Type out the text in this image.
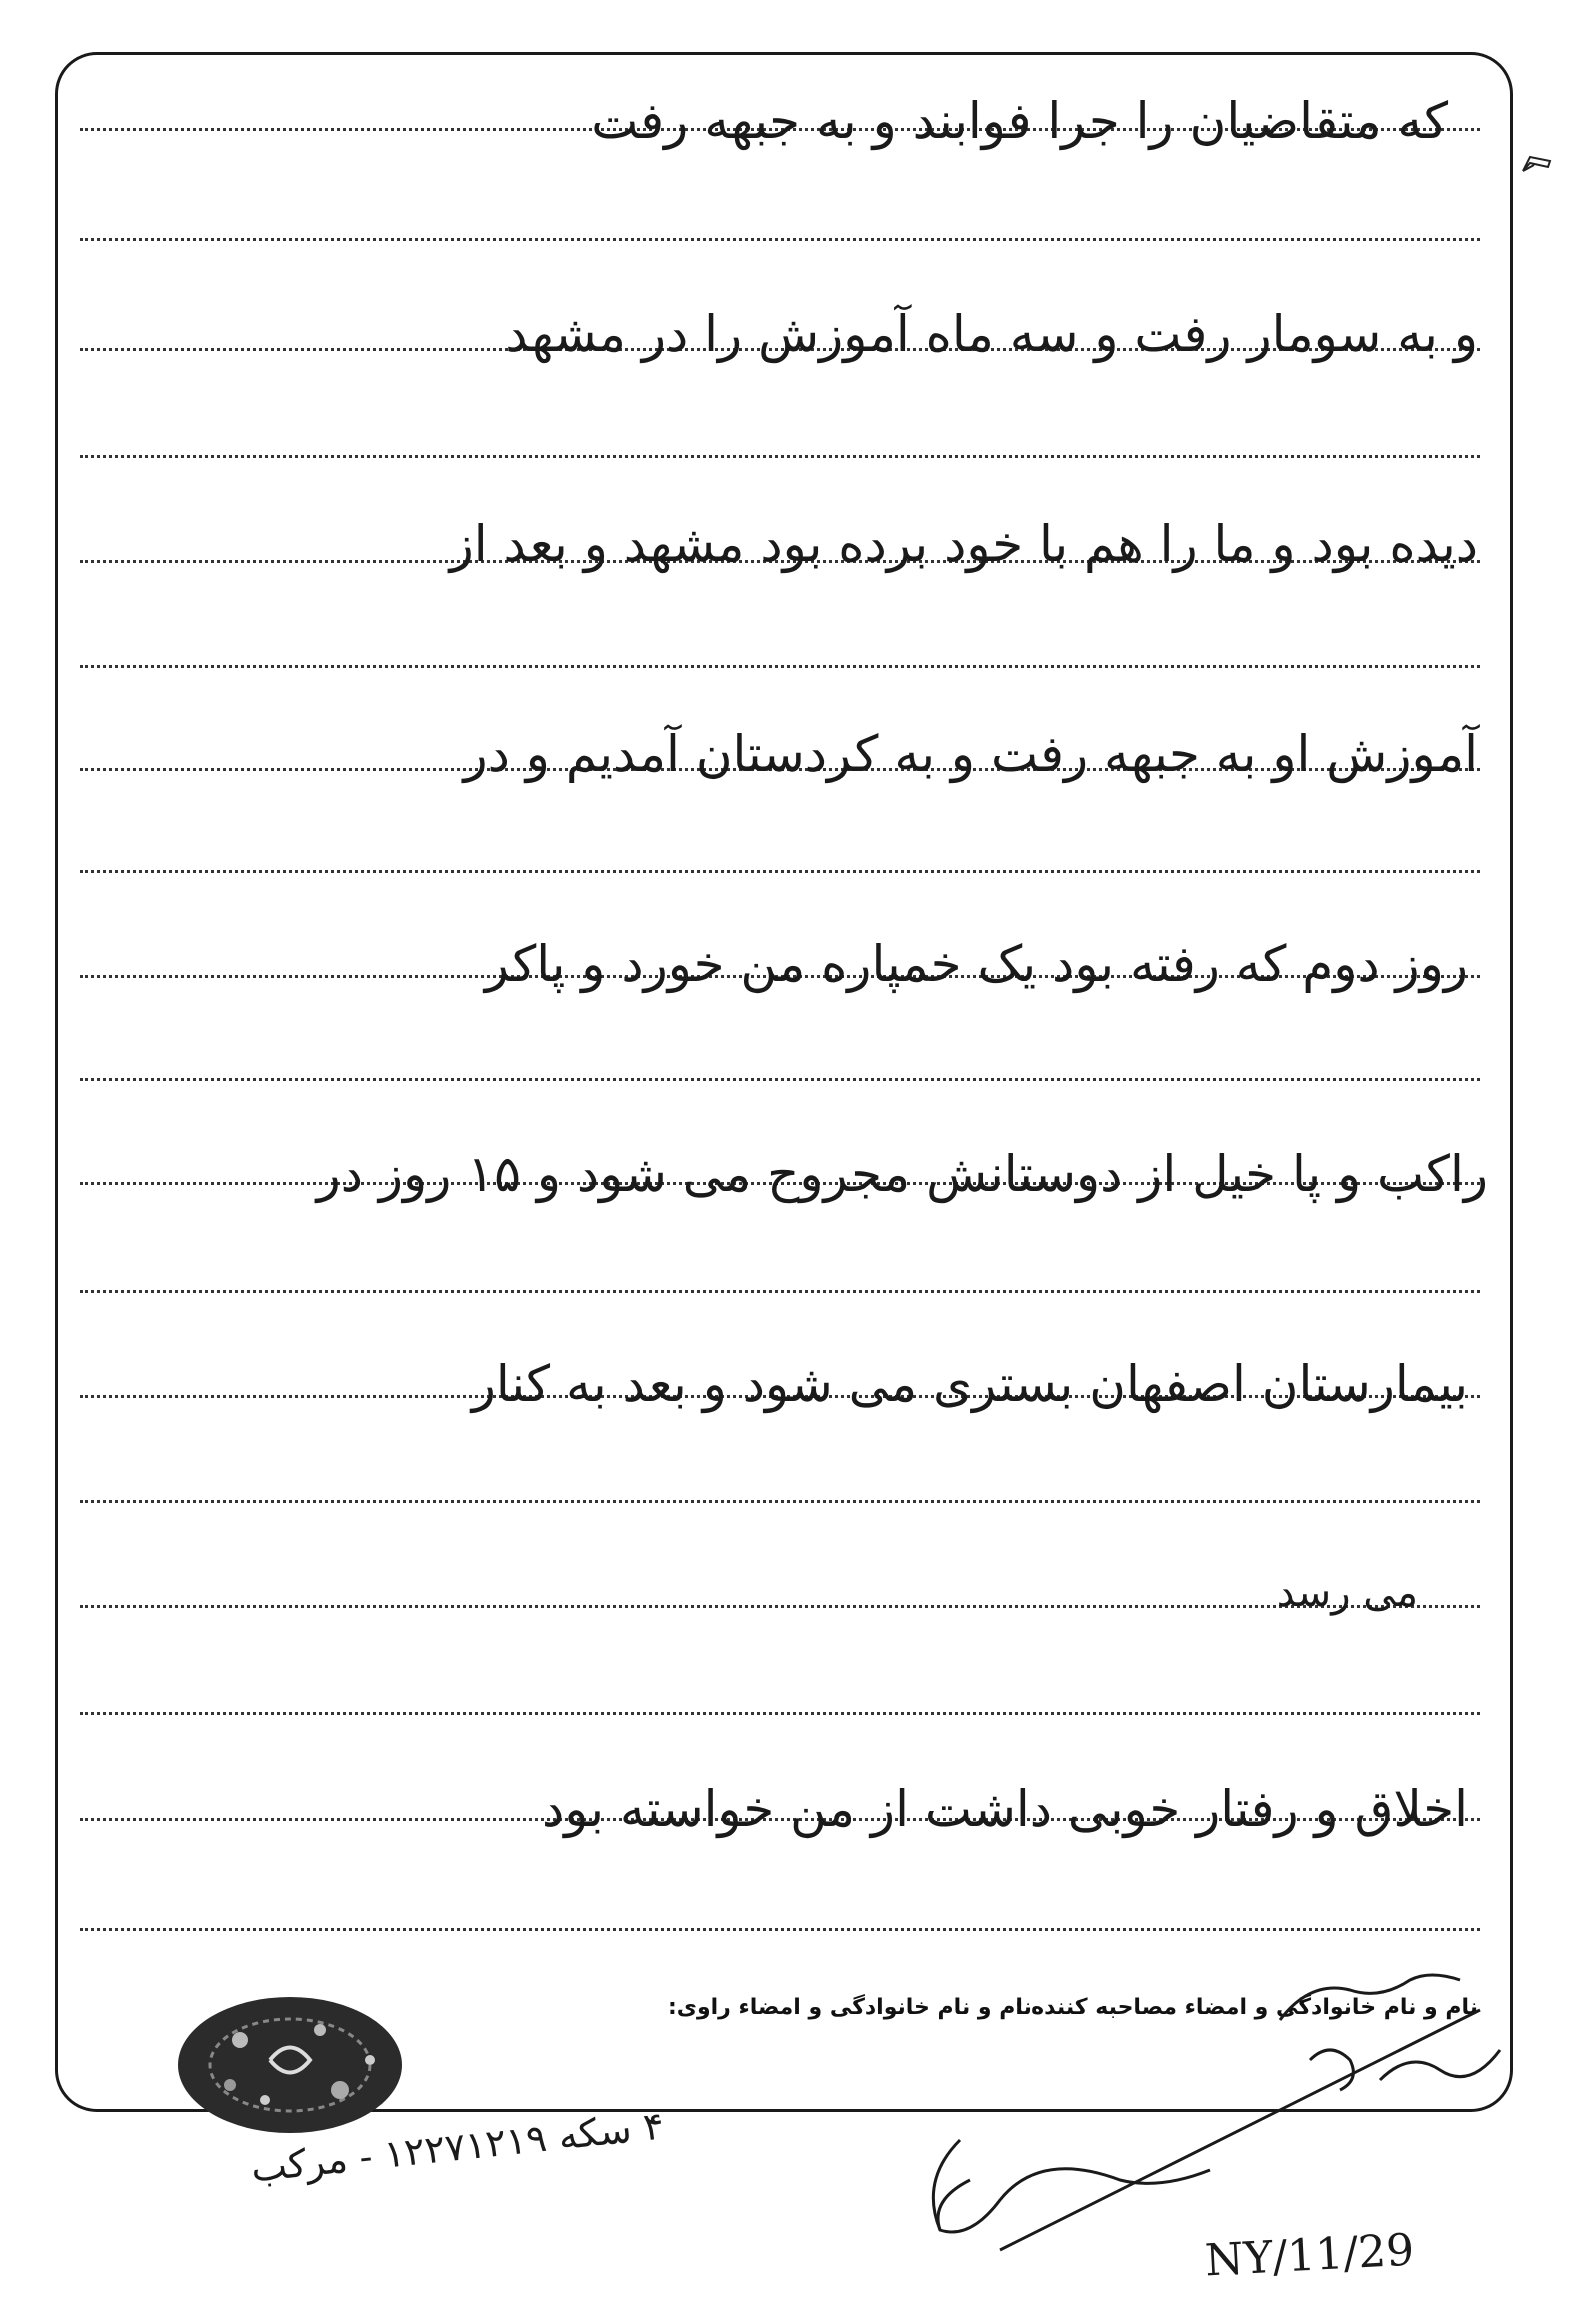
که متقاضیان را جرا فوابند و به جبهه رفت
و به سومار رفت و سه ماه آموزش را در مشهد
دیده بود و ما را هم با خود برده بود مشهد و بعد از
آموزش او به جبهه رفت و به کردستان آمدیم و در
روز دوم که رفته بود یک خمپاره من خورد و پاکر
راکب و پا خیل از دوستانش مجروح می شود و ۱۵ روز در
بیمارستان اصفهان بستری می شود و بعد به کنار
می رسد
اخلاق و رفتار خوبی داشت از من خواسته بود
نام و نام خانوادگی و امضاء مصاحبه کننده :
نام و نام خانوادگی و امضاء راوی:
۴ سکه ۱۲۲۷۱۲۱۹ - مرکب
NY/11/29
